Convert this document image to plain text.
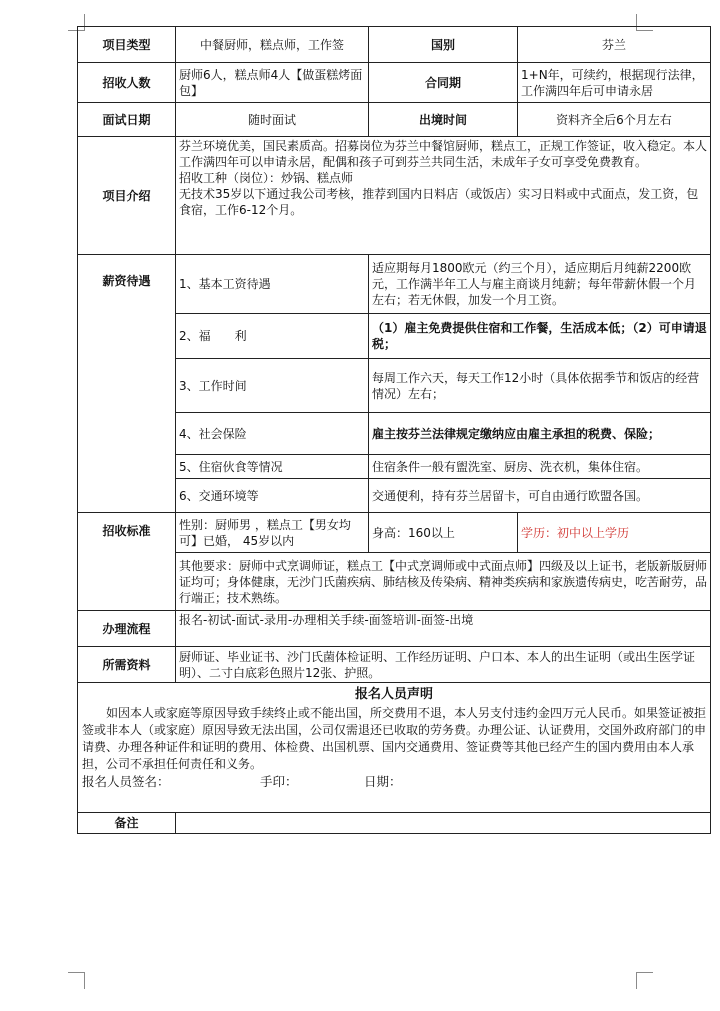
项目类型	中餐厨师，糕点师，工作签	国别	芬兰
招收人数	厨师6人，糕点师4人【做蛋糕烤面包】	合同期	1+N年，可续约，根据现行法律，工作满四年后可申请永居
面试日期	随时面试	出境时间	资料齐全后6个月左右
项目介绍	芬兰环境优美，国民素质高。招募岗位为芬兰中餐馆厨师，糕点工，正规工作签证，收入稳定。本人工作满四年可以申请永居，配偶和孩子可到芬兰共同生活，未成年子女可享受免费教育。
招收工种（岗位）：炒锅、糕点师
无技术35岁以下通过我公司考核，推荐到国内日料店（或饭店）实习日料或中式面点，发工资，包食宿，工作6-12个月。		

薪资待遇	1、基本工资待遇	适应期每月1800欧元（约三个月），适应期后月纯薪2200欧元，工作满半年工人与雇主商谈月纯薪；每年带薪休假一个月左右；若无休假，加发一个月工资。	
	2、福　　利	（1）雇主免费提供住宿和工作餐，生活成本低；（2）可申请退税；	
	3、工作时间	每周工作六天，每天工作12小时（具体依据季节和饭店的经营情况）左右；	
	4、社会保险	雇主按芬兰法律规定缴纳应由雇主承担的税费、保险；	
	5、住宿伙食等情况	住宿条件一般有盥洗室、厨房、洗衣机，集体住宿。	
	6、交通环境等	交通便利，持有芬兰居留卡，可自由通行欧盟各国。	
招收标准	性别：厨师男 ，糕点工【男女均可】已婚， 45岁以内	身高：160以上	学历：初中以上学历
	其他要求：厨师中式烹调师证，糕点工【中式烹调师或中式面点师】四级及以上证书，老版新版厨师证均可；身体健康，无沙门氏菌疾病、肺结核及传染病、精神类疾病和家族遗传病史，吃苦耐劳，品行端正；技术熟练。		
办理流程	报名-初试-面试-录用-办理相关手续-面签培训-面签-出境		
所需资料	厨师证、毕业证书、沙门氏菌体检证明、工作经历证明、户口本、本人的出生证明（或出生医学证明）、二寸白底彩色照片12张、护照。		

报名人员声明
如因本人或家庭等原因导致手续终止或不能出国，所交费用不退，本人另支付违约金四万元人民币。如果签证被拒签或非本人（或家庭）原因导致无法出国，公司仅需退还已收取的劳务费。办理公证、认证费用，交国外政府部门的申请费、办理各种证件和证明的费用、体检费、出国机票、国内交通费用、签证费等其他已经产生的国内费用由本人承担，公司不承担任何责任和义务。
报名人员签名： 手印： 日期：			

备注			
